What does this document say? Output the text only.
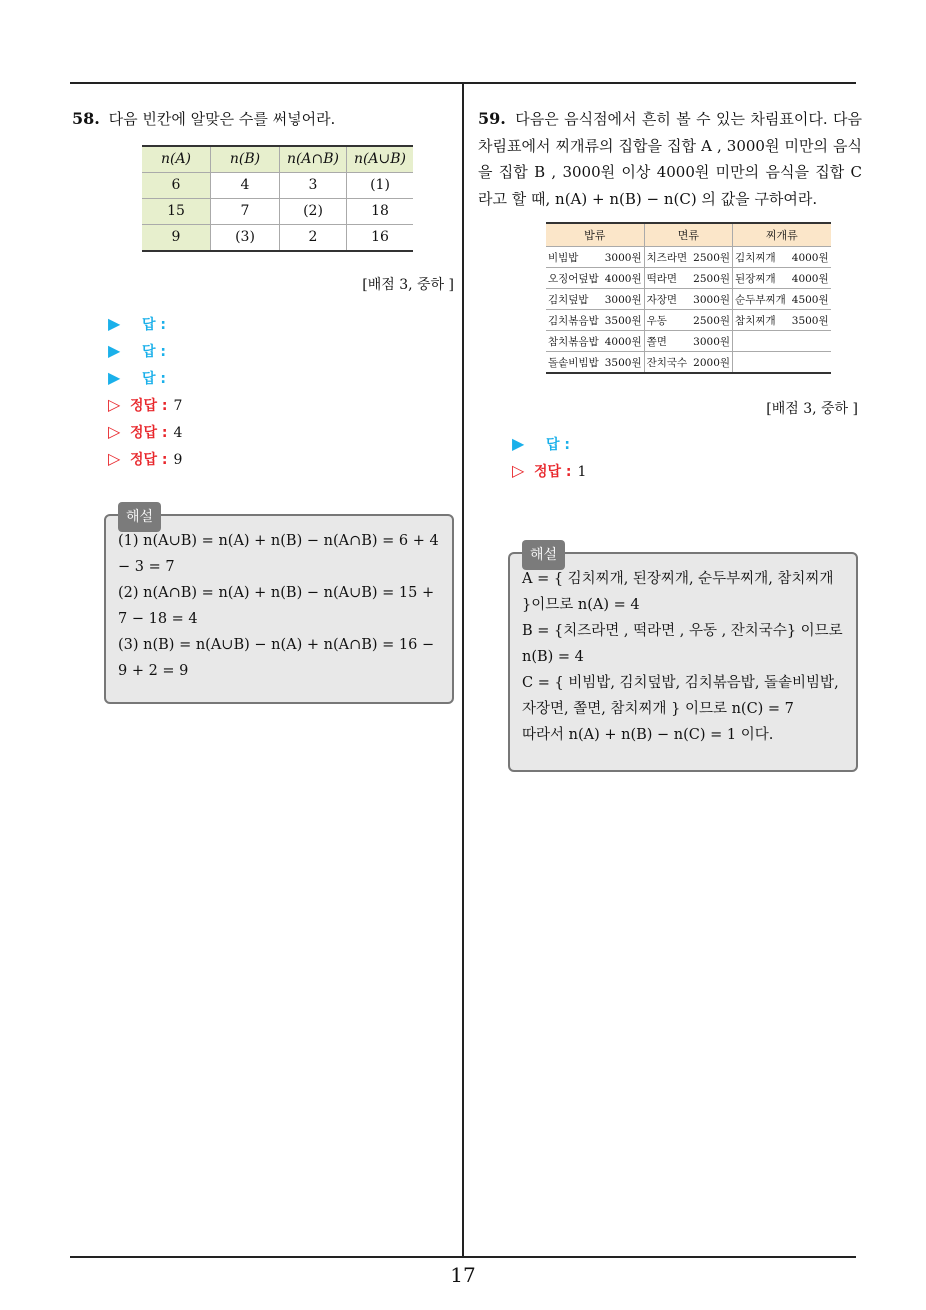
58. 다음 빈칸에 알맞은 수를 써넣어라.
n(A)	n(B)	n(A∩B)	n(A∪B)
6	4	3	(1)
15	7	(2)	18
9	(3)	2	16
[배점 3, 중하 ]
▶ 답 :
▶ 답 :
▶ 답 :
▷ 정답 : 7
▷ 정답 : 4
▷ 정답 : 9
해설

(1) n(A∪B) = n(A) + n(B) − n(A∩B) = 6 + 4 − 3 = 7

(2) n(A∩B) = n(A) + n(B) − n(A∪B) = 15 + 7 − 18 = 4

(3) n(B) = n(A∪B) − n(A) + n(A∩B) = 16 − 9 + 2 = 9

59. 다음은 음식점에서 흔히 볼 수 있는 차림표이다. 다음 차림표에서 찌개류의 집합을 집합 A , 3000원 미만의 음식을 집합 B , 3000원 이상 4000원 미만의 음식을 집합 C 라고 할 때, n(A) + n(B) − n(C) 의 값을 구하여라.
밥류	면류	찌개류

비빔밥 3000원	치즈라면 2500원	김치찌개 4000원

오징어덮밥 4000원	떡라면 2500원	된장찌개 4000원

김치덮밥 3000원	자장면 3000원	순두부찌개 4500원

김치볶음밥 3500원	우동 2500원	참치찌개 3500원

참치볶음밥 4000원	쫄면 3000원	

돌솥비빔밥 3500원	잔치국수 2000원	

[배점 3, 중하 ]
▶ 답 :
▷ 정답 : 1
해설

A = { 김치찌개, 된장찌개, 순두부찌개, 참치찌개 }이므로 n(A) = 4

B = {치즈라면 , 떡라면 , 우동 , 잔치국수} 이므로 n(B) = 4

C = { 비빔밥, 김치덮밥, 김치볶음밥, 돌솥비빔밥, 자장면, 쫄면, 참치찌개 } 이므로 n(C) = 7

따라서 n(A) + n(B) − n(C) = 1 이다.

17
